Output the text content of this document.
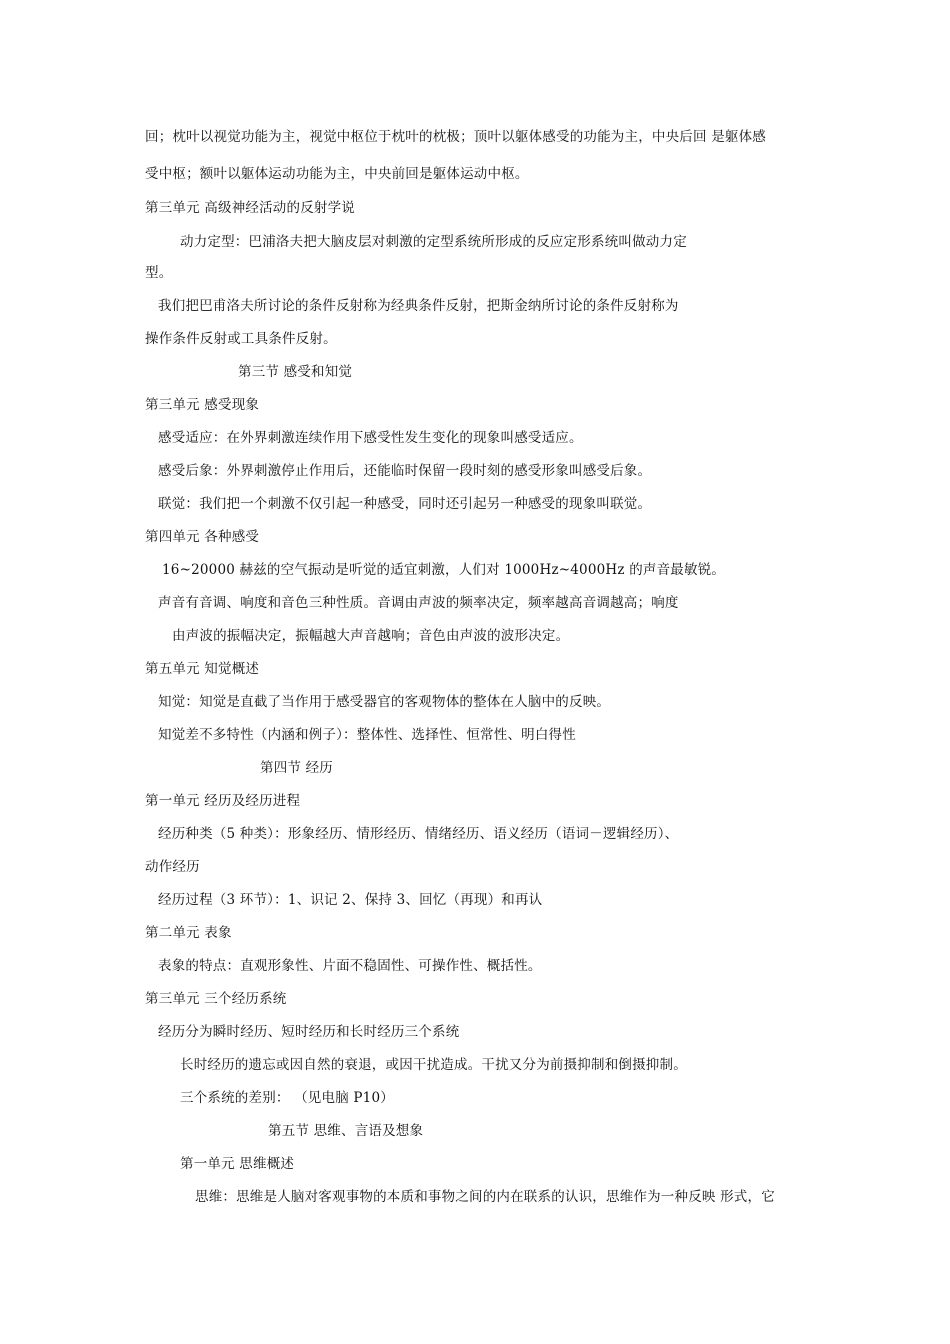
回；枕叶以视觉功能为主，视觉中枢位于枕叶的枕极；顶叶以躯体感受的功能为主，中央后回 是躯体感
受中枢；额叶以躯体运动功能为主，中央前回是躯体运动中枢。
第三单元 高级神经活动的反射学说
动力定型：巴浦洛夫把大脑皮层对刺激的定型系统所形成的反应定形系统叫做动力定
型。
我们把巴甫洛夫所讨论的条件反射称为经典条件反射，把斯金纳所讨论的条件反射称为
操作条件反射或工具条件反射。
第三节 感受和知觉
第三单元 感受现象
感受适应：在外界刺激连续作用下感受性发生变化的现象叫感受适应。
感受后象：外界刺激停止作用后，还能临时保留一段时刻的感受形象叫感受后象。
联觉：我们把一个刺激不仅引起一种感受，同时还引起另一种感受的现象叫联觉。
第四单元 各种感受
16~20000 赫兹的空气振动是听觉的适宜刺激，人们对 1000Hz~4000Hz 的声音最敏锐。
声音有音调、响度和音色三种性质。音调由声波的频率决定，频率越高音调越高；响度
由声波的振幅决定，振幅越大声音越响；音色由声波的波形决定。
第五单元 知觉概述
知觉：知觉是直截了当作用于感受器官的客观物体的整体在人脑中的反映。
知觉差不多特性（内涵和例子）：整体性、选择性、恒常性、明白得性
第四节 经历
第一单元 经历及经历进程
经历种类（5 种类）：形象经历、情形经历、情绪经历、语义经历（语词－逻辑经历）、
动作经历
经历过程（3 环节）：1、识记 2、保持 3、回忆（再现）和再认
第二单元 表象
表象的特点：直观形象性、片面不稳固性、可操作性、概括性。
第三单元 三个经历系统
经历分为瞬时经历、短时经历和长时经历三个系统
长时经历的遗忘或因自然的衰退，或因干扰造成。干扰又分为前摄抑制和倒摄抑制。
三个系统的差别： （见电脑 P10）
第五节 思维、言语及想象
第一单元 思维概述
思维：思维是人脑对客观事物的本质和事物之间的内在联系的认识，思维作为一种反映 形式，它
